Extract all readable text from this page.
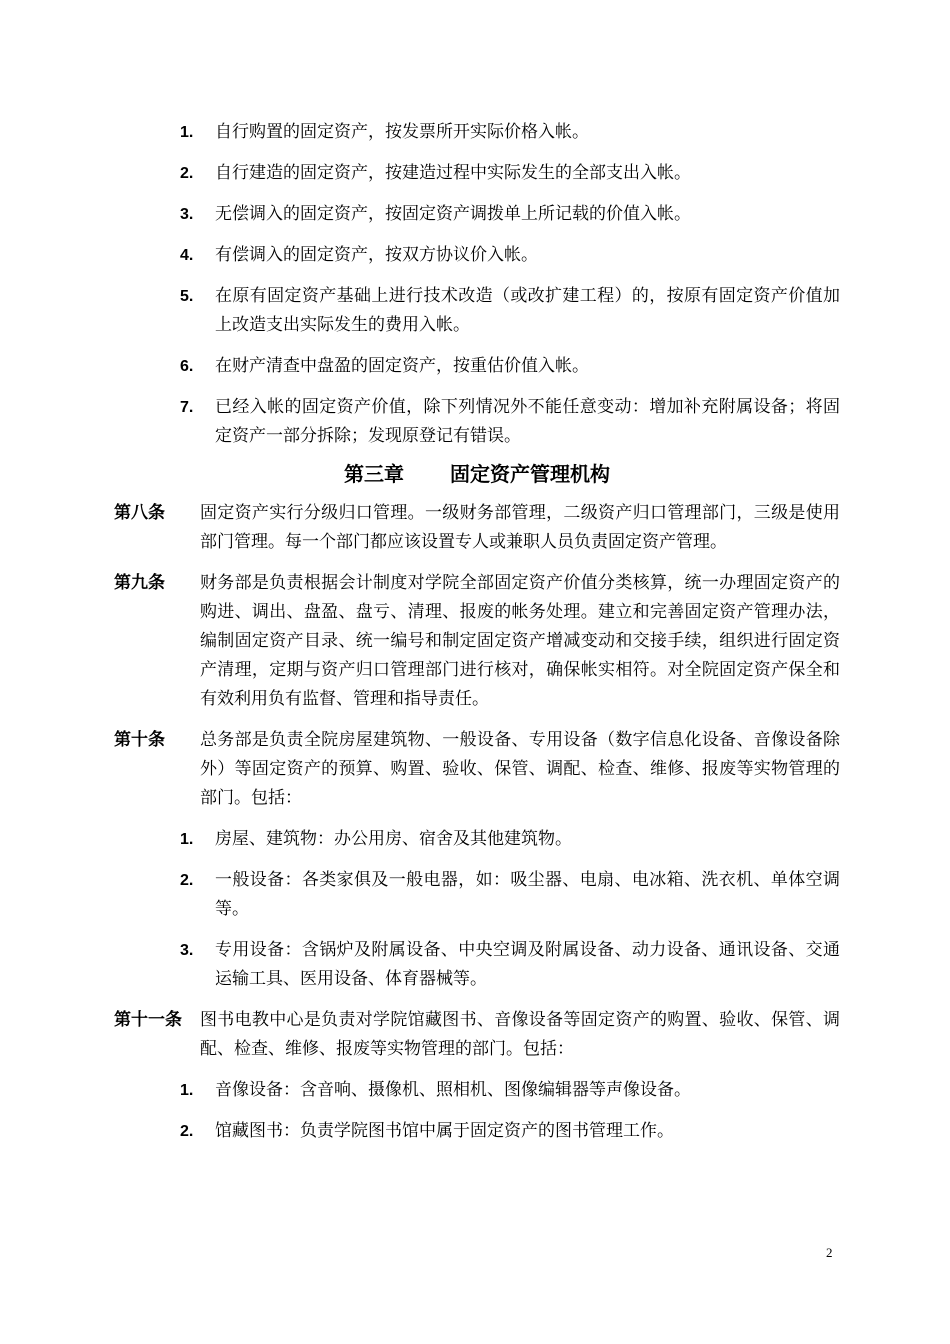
1.	自行购置的固定资产，按发票所开实际价格入帐。
2.	自行建造的固定资产，按建造过程中实际发生的全部支出入帐。
3.	无偿调入的固定资产，按固定资产调拨单上所记载的价值入帐。
4.	有偿调入的固定资产，按双方协议价入帐。
5.	在原有固定资产基础上进行技术改造（或改扩建工程）的，按原有固定资产价值加上改造支出实际发生的费用入帐。
6.	在财产清查中盘盈的固定资产，按重估价值入帐。
7.	已经入帐的固定资产价值，除下列情况外不能任意变动：增加补充附属设备；将固定资产一部分拆除；发现原登记有错误。
第三章 固定资产管理机构
第八条	固定资产实行分级归口管理。一级财务部管理，二级资产归口管理部门，三级是使用部门管理。每一个部门都应该设置专人或兼职人员负责固定资产管理。
第九条	财务部是负责根据会计制度对学院全部固定资产价值分类核算，统一办理固定资产的购进、调出、盘盈、盘亏、清理、报废的帐务处理。建立和完善固定资产管理办法，编制固定资产目录、统一编号和制定固定资产增减变动和交接手续，组织进行固定资产清理，定期与资产归口管理部门进行核对，确保帐实相符。对全院固定资产保全和有效利用负有监督、管理和指导责任。
第十条	总务部是负责全院房屋建筑物、一般设备、专用设备（数字信息化设备、音像设备除外）等固定资产的预算、购置、验收、保管、调配、检查、维修、报废等实物管理的部门。包括：
1.	房屋、建筑物：办公用房、宿舍及其他建筑物。
2.	一般设备：各类家俱及一般电器，如：吸尘器、电扇、电冰箱、洗衣机、单体空调等。
3.	专用设备：含锅炉及附属设备、中央空调及附属设备、动力设备、通讯设备、交通运输工具、医用设备、体育器械等。
第十一条	图书电教中心是负责对学院馆藏图书、音像设备等固定资产的购置、验收、保管、调配、检查、维修、报废等实物管理的部门。包括：
1.	音像设备：含音响、摄像机、照相机、图像编辑器等声像设备。
2.	馆藏图书：负责学院图书馆中属于固定资产的图书管理工作。
2
